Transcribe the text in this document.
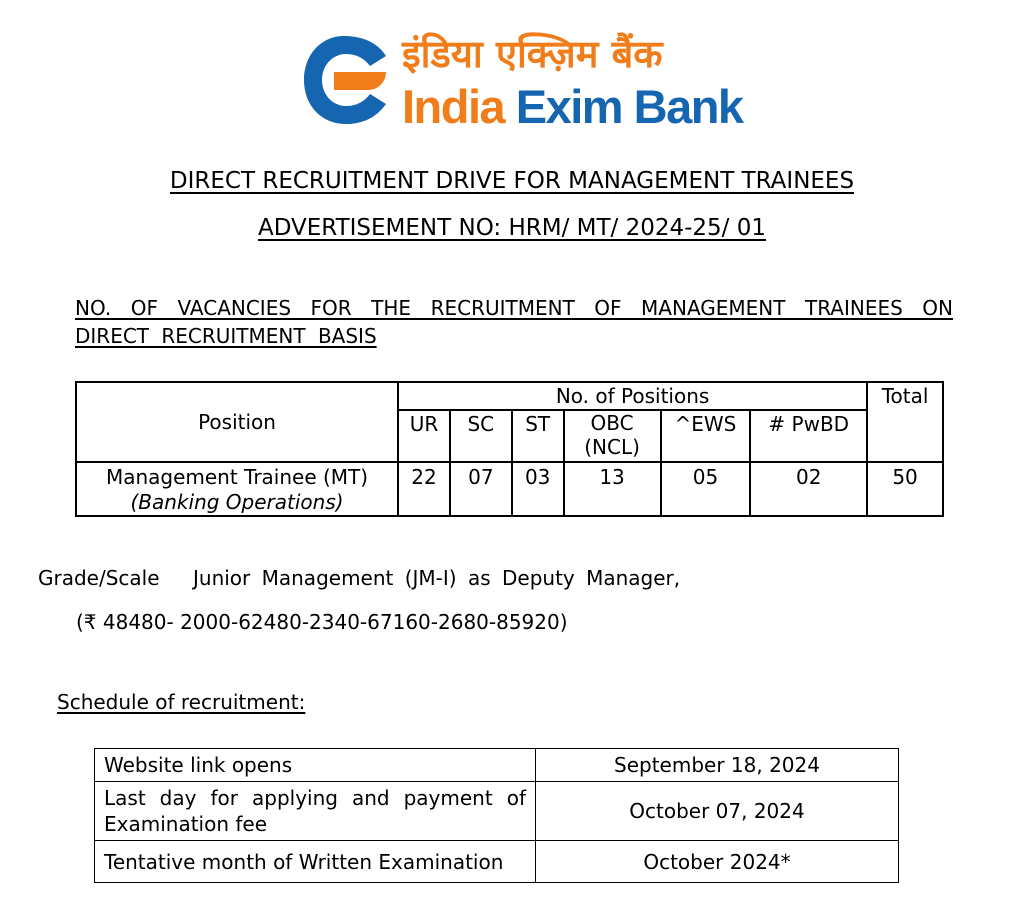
इंडिया एक्ज़िम बैंक
India Exim Bank
DIRECT RECRUITMENT DRIVE FOR MANAGEMENT TRAINEES
ADVERTISEMENT NO: HRM/ MT/ 2024-25/ 01
NO. OF VACANCIES FOR THE RECRUITMENT OF MANAGEMENT TRAINEES ON DIRECT RECRUITMENT BASIS
Position	No. of Positions						Total
	UR	SC	ST	OBC (NCL)	^EWS	# PwBD	
Management Trainee (MT)
(Banking Operations)	22	07	03	13	05	02	50
Grade/Scale Junior Management (JM-I) as Deputy Manager,
(₹ 48480- 2000-62480-2340-67160-2680-85920)
Schedule of recruitment:
Website link opens	September 18, 2024
Last day for applying and payment of Examination fee	October 07, 2024
Tentative month of Written Examination	October 2024*
